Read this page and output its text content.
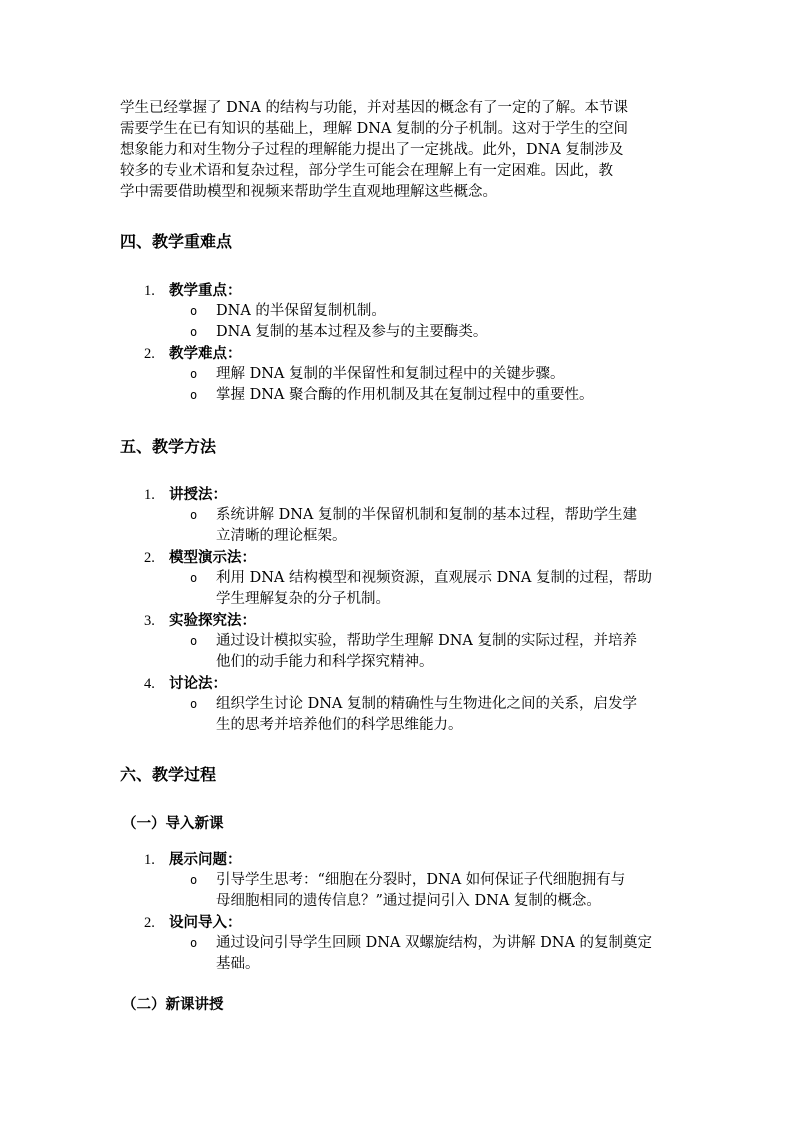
学生已经掌握了 DNA 的结构与功能，并对基因的概念有了一定的了解。本节课
需要学生在已有知识的基础上，理解 DNA 复制的分子机制。这对于学生的空间
想象能力和对生物分子过程的理解能力提出了一定挑战。此外，DNA 复制涉及
较多的专业术语和复杂过程，部分学生可能会在理解上有一定困难。因此，教
学中需要借助模型和视频来帮助学生直观地理解这些概念。
四、教学重难点
1. 教学重点：
o DNA 的半保留复制机制。
o DNA 复制的基本过程及参与的主要酶类。
2. 教学难点：
o 理解 DNA 复制的半保留性和复制过程中的关键步骤。
o 掌握 DNA 聚合酶的作用机制及其在复制过程中的重要性。
五、教学方法
1. 讲授法：
o 系统讲解 DNA 复制的半保留机制和复制的基本过程，帮助学生建
立清晰的理论框架。
2. 模型演示法：
o 利用 DNA 结构模型和视频资源，直观展示 DNA 复制的过程，帮助
学生理解复杂的分子机制。
3. 实验探究法：
o 通过设计模拟实验，帮助学生理解 DNA 复制的实际过程，并培养
他们的动手能力和科学探究精神。
4. 讨论法：
o 组织学生讨论 DNA 复制的精确性与生物进化之间的关系，启发学
生的思考并培养他们的科学思维能力。
六、教学过程
（一）导入新课
1. 展示问题：
o 引导学生思考：“细胞在分裂时，DNA 如何保证子代细胞拥有与
母细胞相同的遗传信息？”通过提问引入 DNA 复制的概念。
2. 设问导入：
o 通过设问引导学生回顾 DNA 双螺旋结构，为讲解 DNA 的复制奠定
基础。
（二）新课讲授
